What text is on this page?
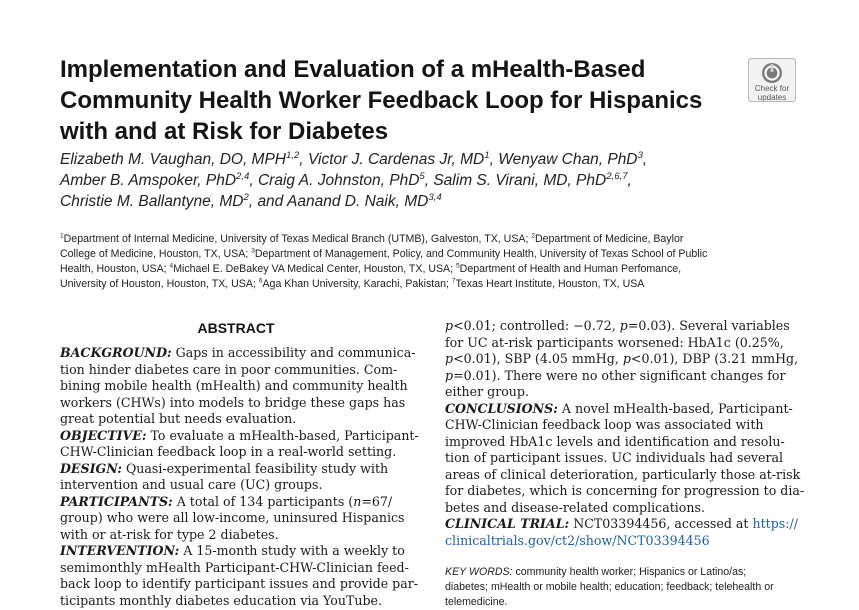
Implementation and Evaluation of a mHealth-Based
Community Health Worker Feedback Loop for Hispanics
with and at Risk for Diabetes
Check for
updates
Elizabeth M. Vaughan, DO, MPH$^{1,2}$, Victor J. Cardenas Jr, $MD^1$, Wenyaw Chan, PhD$^3$,
Amber B. Amspoker, PhD$^{2,4}$, Craig A. Johnston, PhD$^5$, Salim S. Virani, MD, PhD$^{2,6,7}$,
Christie M. Ballantyne, $MD^2$, and Aanand D. Naik, MD$^{3,4}$
$^1$Department of Internal Medicine, University of Texas Medical Branch (UTMB), Galveston, TX, USA; $^2$Department of Medicine, Baylor
College of Medicine, Houston, TX, USA; $^3$Department of Management, Policy, and Community Health, University of Texas School of Public
Health, Houston, USA; $^4$Michael E. DeBakey VA Medical Center, Houston, TX, USA; $^5$Department of Health and Human Perfomance,
University of Houston, Houston, TX, USA; $^6$Aga Khan University, Karachi, Pakistan; $^7$Texas Heart Institute, Houston, TX, USA
ABSTRACT
BACKGROUND: Gaps in accessibility and communica-
tion hinder diabetes care in poor communities. Com-
bining mobile health (mHealth) and community health
workers (CHWs) into models to bridge these gaps has
great potential but needs evaluation.
OBJECTIVE: To evaluate a mHealth-based, Participant-
CHW-Clinician feedback loop in a real-world setting.
DESIGN: Quasi-experimental feasibility study with
intervention and usual care (UC) groups.
PARTICIPANTS: A total of 134 participants (n=67/
group) who were all low-income, uninsured Hispanics
with or at-risk for type 2 diabetes.
INTERVENTION: A 15-month study with a weekly to
semimonthly mHealth Participant-CHW-Clinician feed-
back loop to identify participant issues and provide par-
ticipants monthly diabetes education via YouTube.
p<0.01; controlled: −0.72, p=0.03). Several variables
for UC at-risk participants worsened: HbA1c (0.25%,
p<0.01), SBP (4.05 mmHg, p<0.01), DBP (3.21 mmHg,
p=0.01). There were no other significant changes for
either group.
CONCLUSIONS: A novel mHealth-based, Participant-
CHW-Clinician feedback loop was associated with
improved HbA1c levels and identification and resolu-
tion of participant issues. UC individuals had several
areas of clinical deterioration, particularly those at-risk
for diabetes, which is concerning for progression to dia-
betes and disease-related complications.
CLINICAL TRIAL: NCT03394456, accessed at https://
clinicaltrials.gov/ct2/show/NCT03394456
KEY WORDS: community health worker; Hispanics or Latino/as;
diabetes; mHealth or mobile health; education; feedback; telehealth or
telemedicine.
